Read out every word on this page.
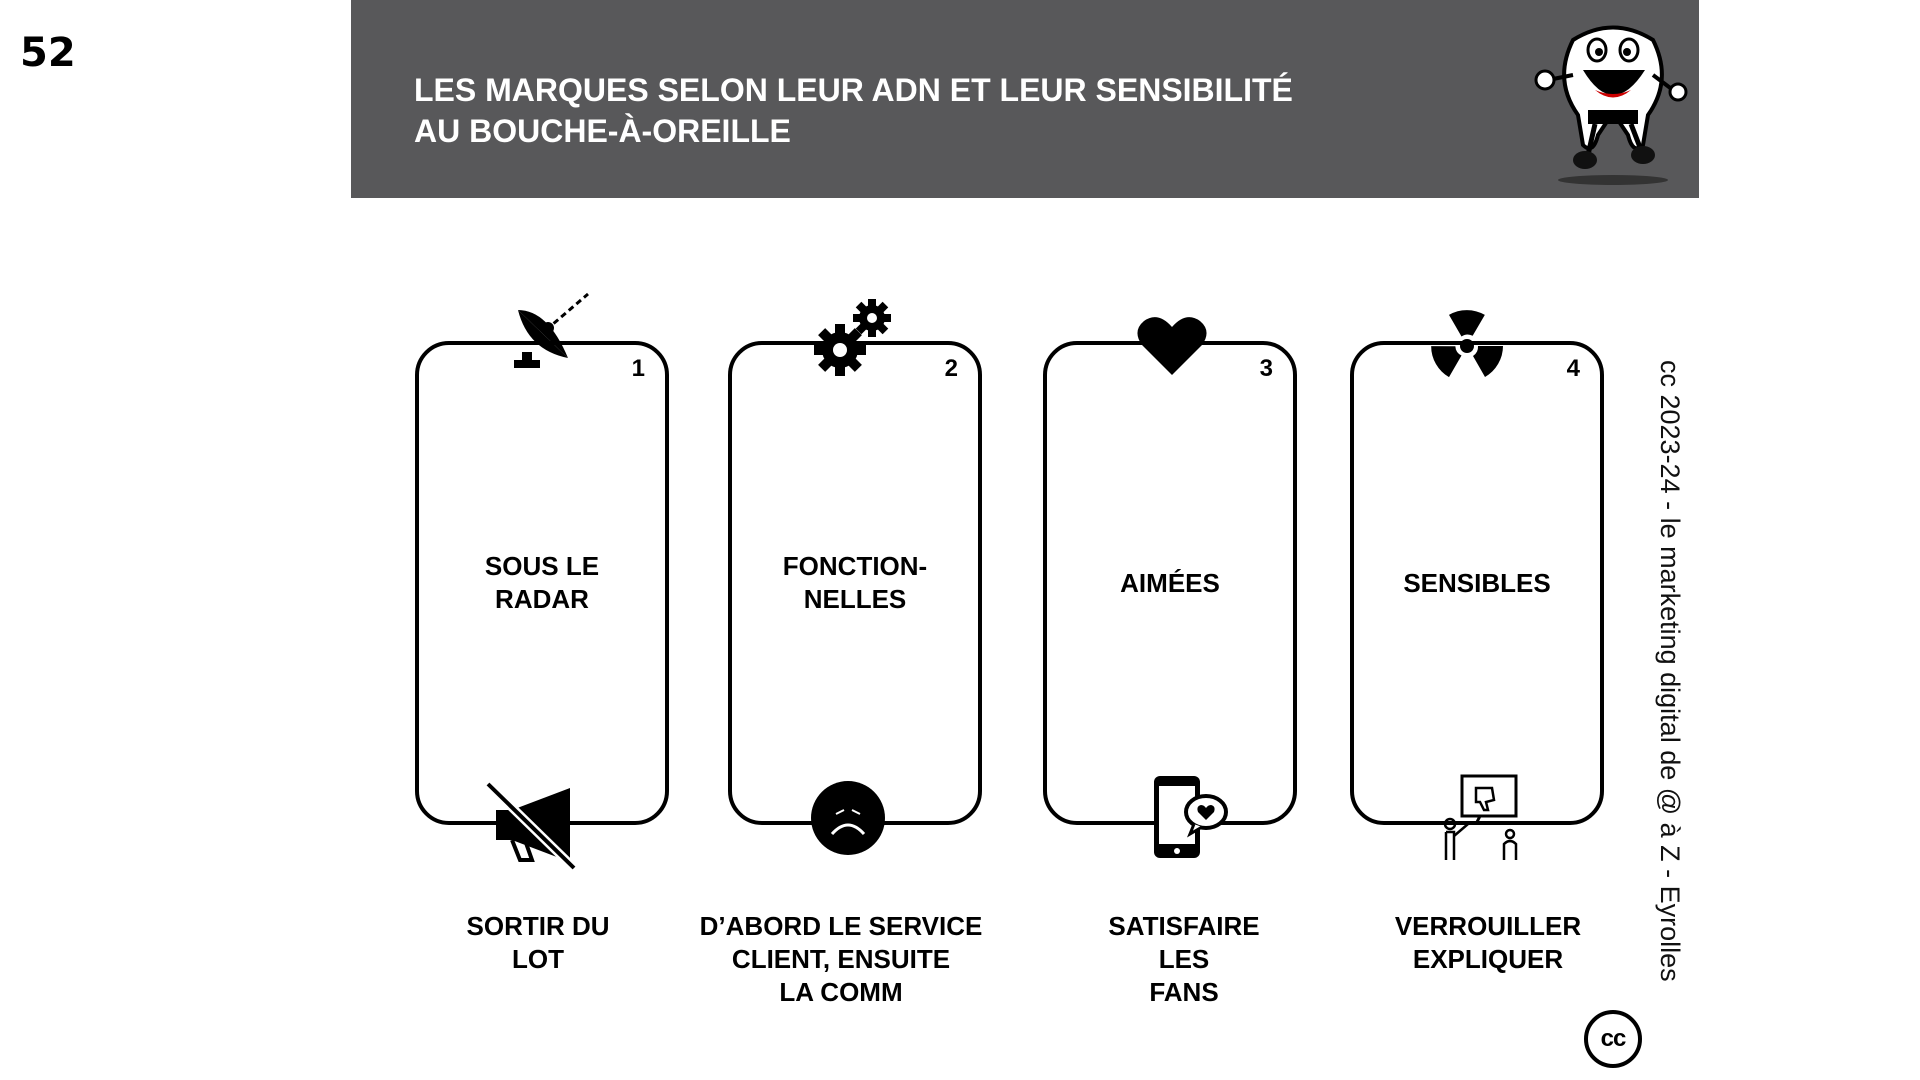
52
LES MARQUES SELON LEUR ADN ET LEUR SENSIBILITÉ
AU BOUCHE-À-OREILLE
1
SOUS LE
RADAR
SORTIR DU
LOT
2
FONCTION-
NELLES
D’ABORD LE SERVICE
CLIENT, ENSUITE
LA COMM
3
AIMÉES
SATISFAIRE
LES
FANS
4
SENSIBLES
VERROUILLER
EXPLIQUER	cc 2023-24 - le marketing digital de @ à Z - Eyrolles
cc
